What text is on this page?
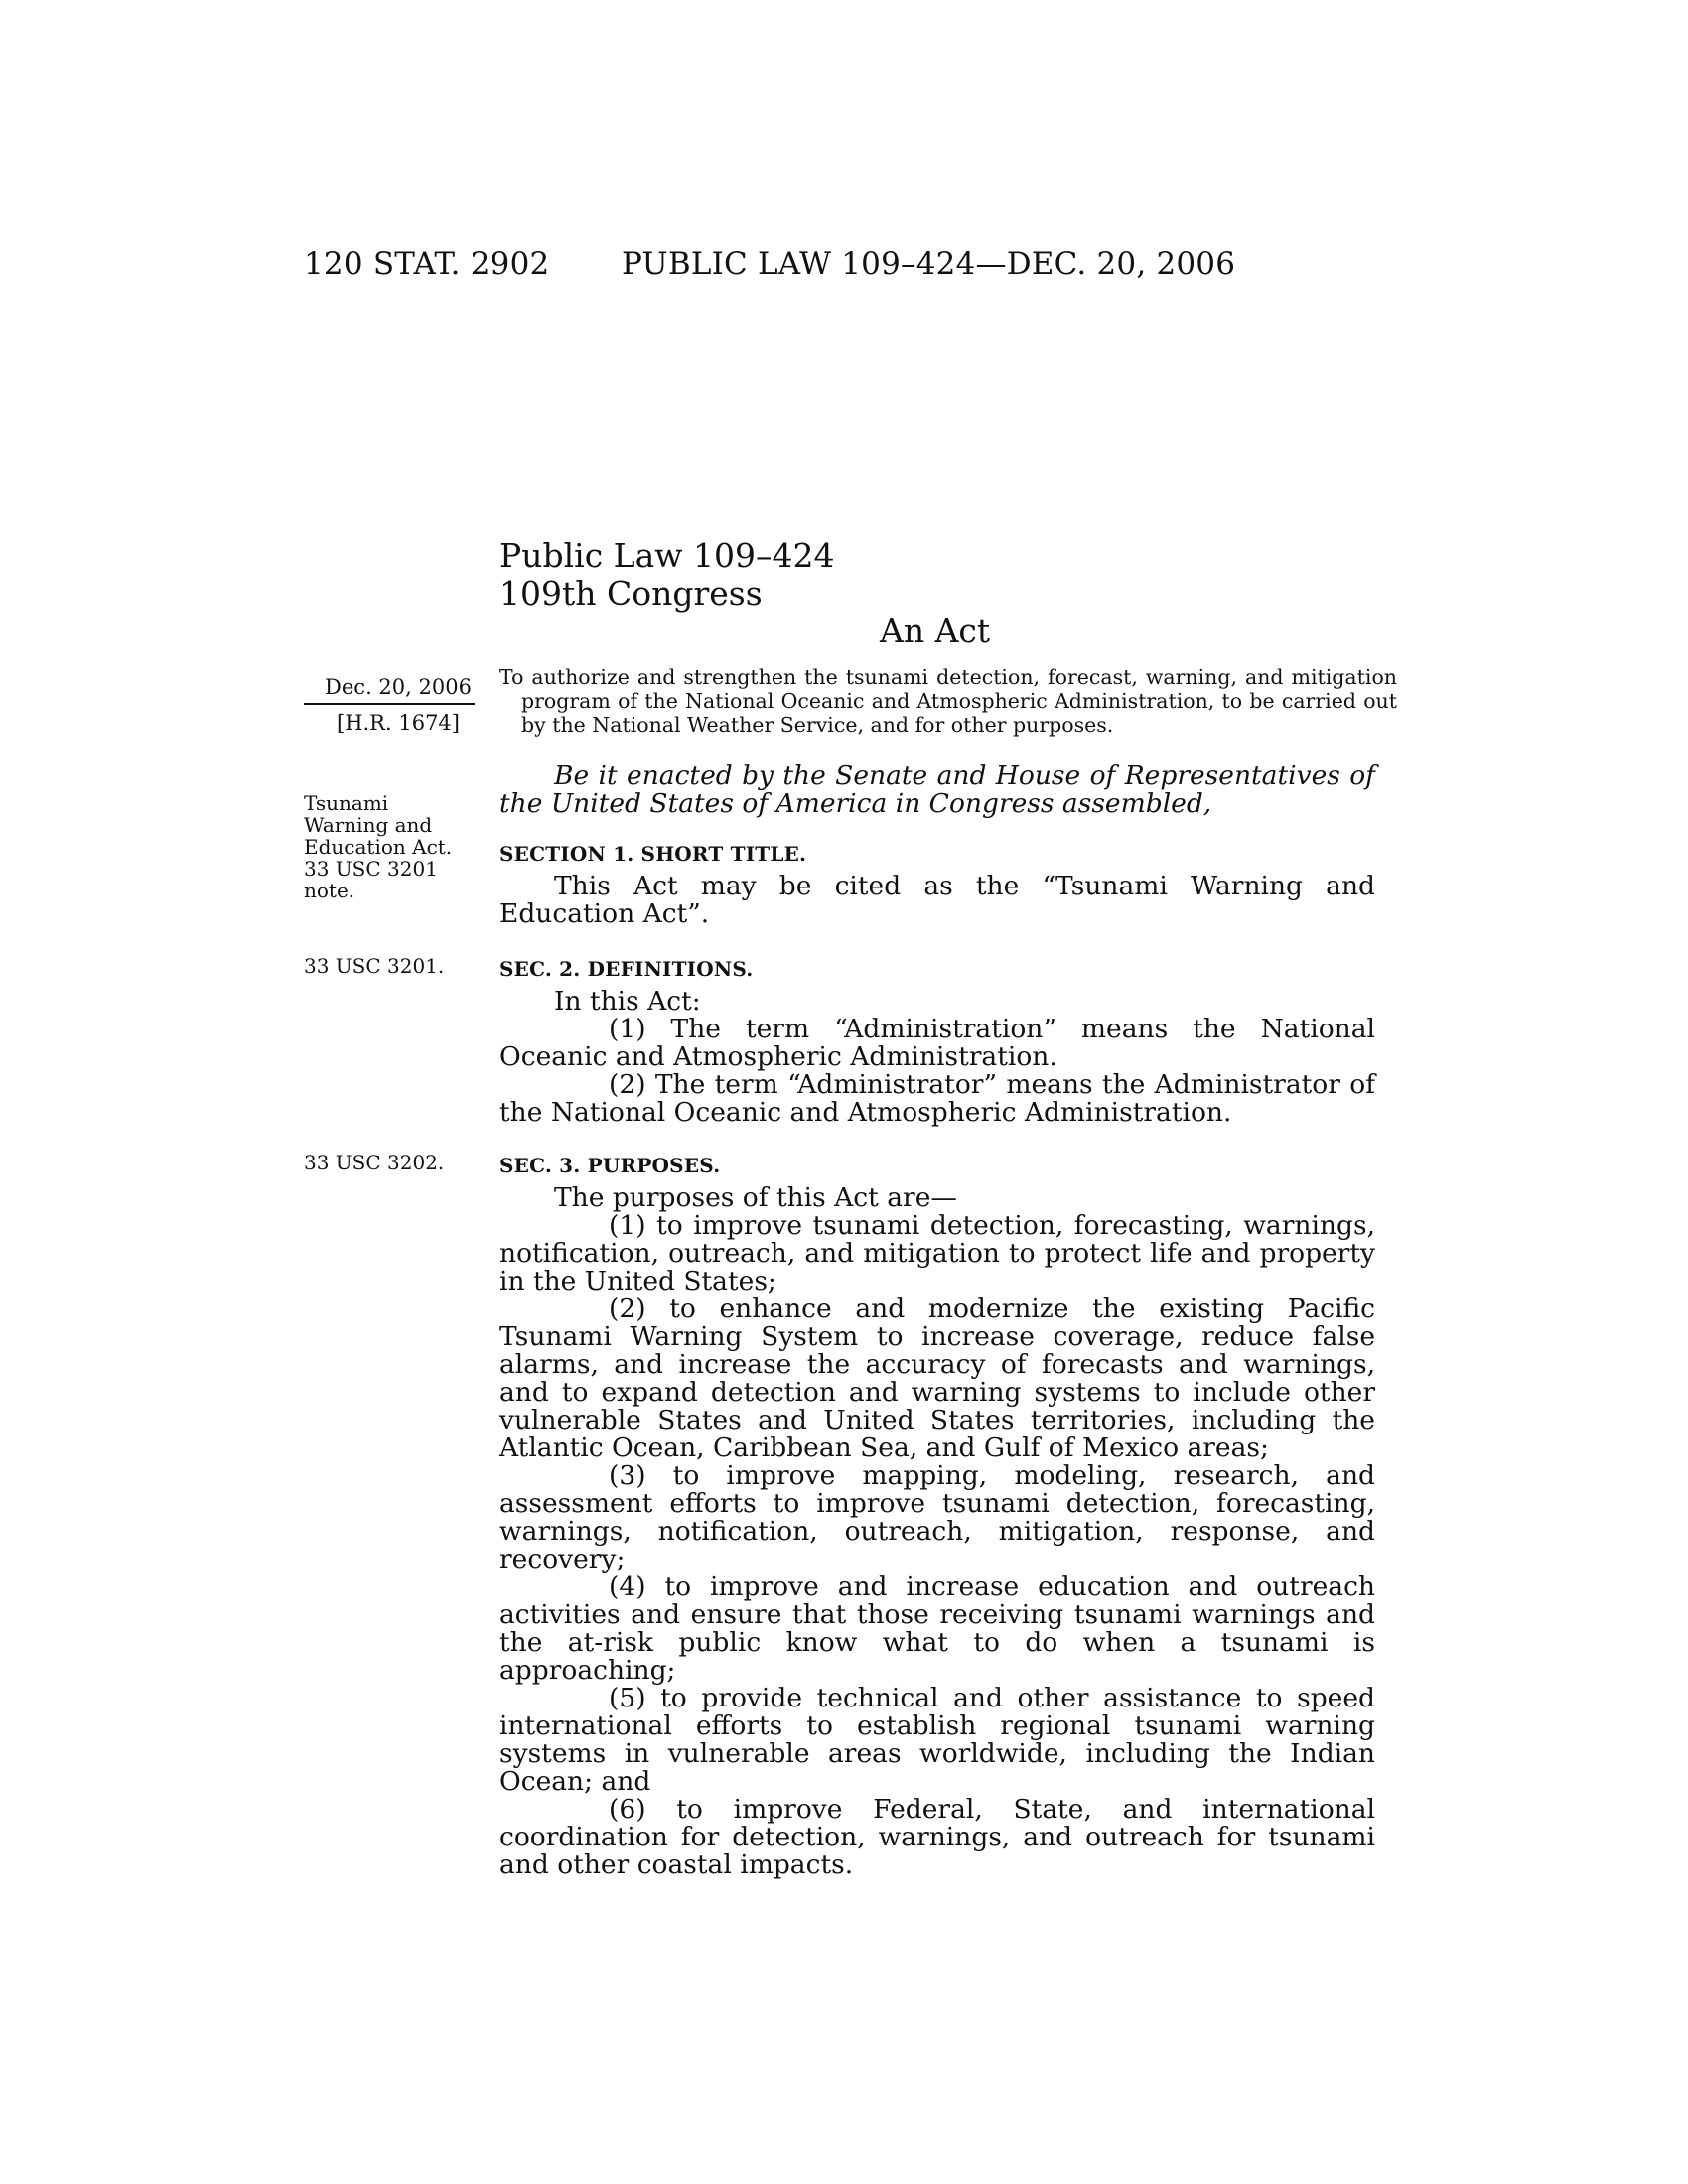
120 STAT. 2902 PUBLIC LAW 109–424—DEC. 20, 2006
Public Law 109–424
109th Congress
An Act
Dec. 20, 2006
[H.R. 1674]
To authorize and strengthen the tsunami detection, forecast, warning, and mitigation program of the National Oceanic and Atmospheric Administration, to be carried out by the National Weather Service, and for other purposes.
Be it enacted by the Senate and House of Representatives of the United States of America in Congress assembled,
Tsunami
Warning and
Education Act.
33 USC 3201
note.
SECTION 1. SHORT TITLE.
This Act may be cited as the “Tsunami Warning and Education Act”.
33 USC 3201.	SEC. 2. DEFINITIONS.
In this Act:
(1) The term “Administration” means the National Oceanic and Atmospheric Administration.
(2) The term “Administrator” means the Administrator of the National Oceanic and Atmospheric Administration.
33 USC 3202.	SEC. 3. PURPOSES.
The purposes of this Act are—
(1) to improve tsunami detection, forecasting, warnings, notification, outreach, and mitigation to protect life and property in the United States;
(2) to enhance and modernize the existing Pacific Tsunami Warning System to increase coverage, reduce false alarms, and increase the accuracy of forecasts and warnings, and to expand detection and warning systems to include other vulnerable States and United States territories, including the Atlantic Ocean, Caribbean Sea, and Gulf of Mexico areas;
(3) to improve mapping, modeling, research, and assessment efforts to improve tsunami detection, forecasting, warnings, notification, outreach, mitigation, response, and recovery;
(4) to improve and increase education and outreach activities and ensure that those receiving tsunami warnings and the at-risk public know what to do when a tsunami is approaching;
(5) to provide technical and other assistance to speed international efforts to establish regional tsunami warning systems in vulnerable areas worldwide, including the Indian Ocean; and
(6) to improve Federal, State, and international coordination for detection, warnings, and outreach for tsunami and other coastal impacts.
